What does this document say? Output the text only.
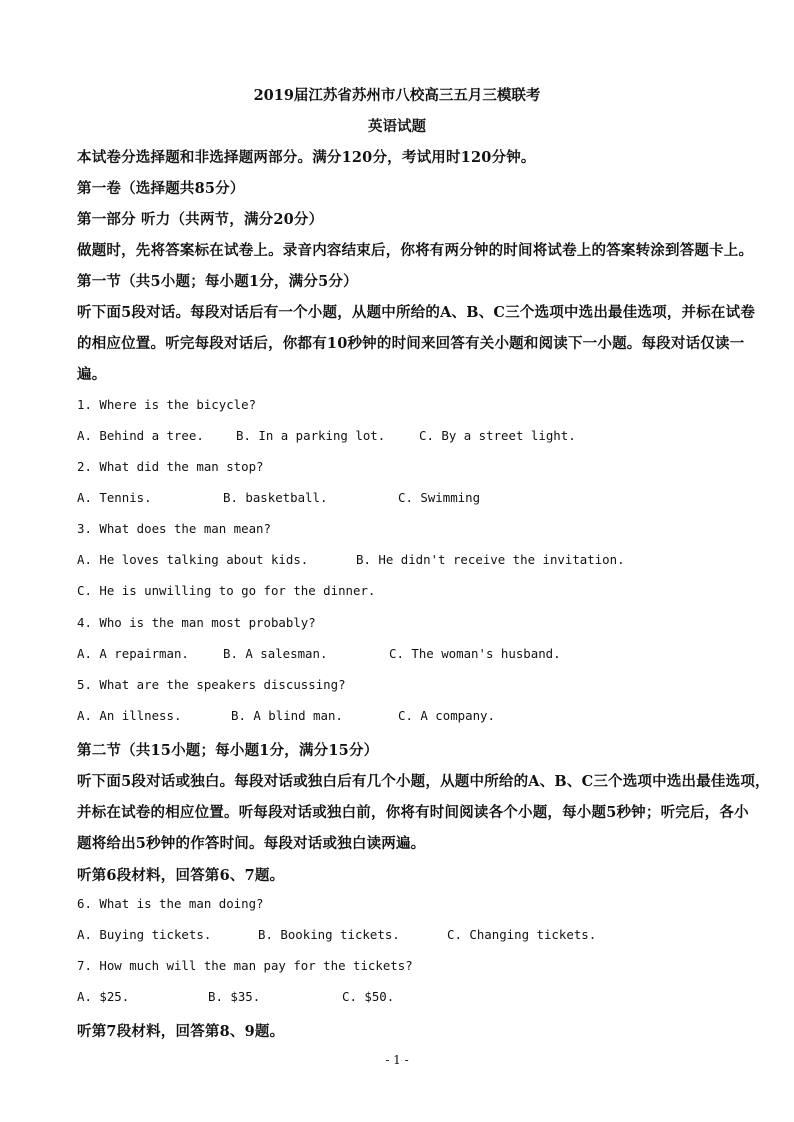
2019届江苏省苏州市八校高三五月三模联考
英语试题
本试卷分选择题和非选择题两部分。满分120分，考试用时120分钟。
第一卷（选择题共85分）
第一部分 听力（共两节，满分20分）
做题时，先将答案标在试卷上。录音内容结束后，你将有两分钟的时间将试卷上的答案转涂到答题卡上。
第一节（共5小题；每小题1分，满分5分）
听下面5段对话。每段对话后有一个小题，从题中所给的A、B、C三个选项中选出最佳选项，并标在试卷
的相应位置。听完每段对话后，你都有10秒钟的时间来回答有关小题和阅读下一小题。每段对话仅读一
遍。
1. Where is the bicycle?
A. Behind a tree.	B. In a parking lot.	C. By a street light.
2. What did the man stop?
A. Tennis.	B. basketball.	C. Swimming
3. What does the man mean?
A. He loves talking about kids.	B. He didn't receive the invitation.
C. He is unwilling to go for the dinner.
4. Who is the man most probably?
A. A repairman.	B. A salesman.	C. The woman's husband.
5. What are the speakers discussing?
A. An illness.	B. A blind man.	C. A company.
第二节（共15小题；每小题1分，满分15分）
听下面5段对话或独白。每段对话或独白后有几个小题，从题中所给的A、B、C三个选项中选出最佳选项，
并标在试卷的相应位置。听每段对话或独白前，你将有时间阅读各个小题，每小题5秒钟；听完后，各小
题将给出5秒钟的作答时间。每段对话或独白读两遍。
听第6段材料，回答第6、7题。
6. What is the man doing?
A. Buying tickets.	B. Booking tickets.	C. Changing tickets.
7. How much will the man pay for the tickets?
A. $25.	B. $35.	C. $50.
听第7段材料，回答第8、9题。
- 1 -
